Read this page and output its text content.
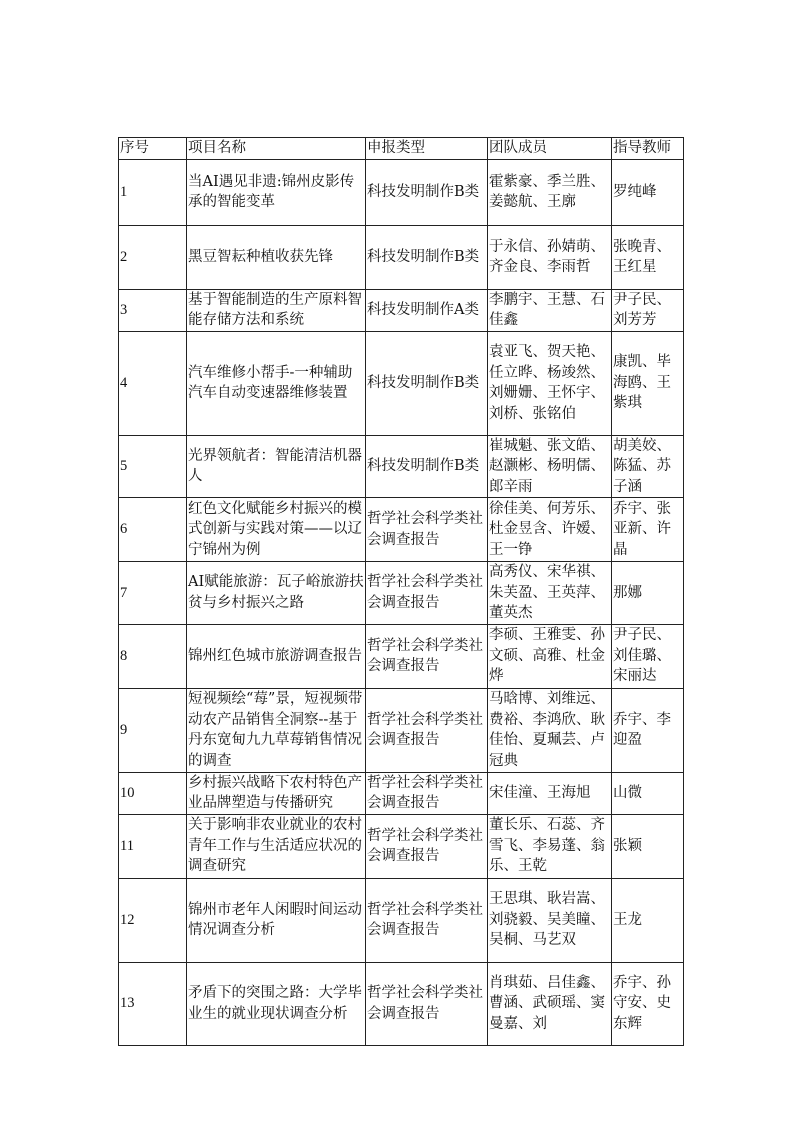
序号	项目名称	申报类型	团队成员	指导教师
1	当AI遇见非遗:锦州皮影传承的智能变革	科技发明制作B类	霍紫豪、季兰胜、姜懿航、王廓	罗纯峰
2	黑豆智耘种植收获先锋	科技发明制作B类	于永信、孙婧萌、齐金良、李雨哲	张晚青、王红星
3	基于智能制造的生产原料智能存储方法和系统	科技发明制作A类	李鹏宇、王慧、石佳鑫	尹子民、刘芳芳
4	汽车维修小帮手-一种辅助汽车自动变速器维修装置	科技发明制作B类	袁亚飞、贺天艳、任立晔、杨竣然、刘姗姗、王怀宇、刘桥、张铭伯	康凯、毕海鸥、王紫琪
5	光界领航者：智能清洁机器人	科技发明制作B类	崔城魁、张文皓、赵灏彬、杨明儒、郎辛雨	胡美姣、陈猛、苏子涵
6	红色文化赋能乡村振兴的模式创新与实践对策——以辽宁锦州为例	哲学社会科学类社会调查报告	徐佳美、何芳乐、杜金昱含、许嫒、王一铮	乔宇、张亚新、许晶
7	AI赋能旅游：瓦子峪旅游扶贫与乡村振兴之路	哲学社会科学类社会调查报告	高秀仪、宋华祺、朱芙盈、王英萍、董英杰	那娜
8	锦州红色城市旅游调查报告	哲学社会科学类社会调查报告	李硕、王雅雯、孙文硕、高雅、杜金烨	尹子民、刘佳璐、宋丽达
9	短视频绘“莓”景，短视频带动农产品销售全洞察--基于丹东宽甸九九草莓销售情况的调查	哲学社会科学类社会调查报告	马晗博、刘维远、费裕、李鸿欣、耿佳怡、夏珮芸、卢冠典	乔宇、李迎盈
10	乡村振兴战略下农村特色产业品牌塑造与传播研究	哲学社会科学类社会调查报告	宋佳潼、王海旭	山微
11	关于影响非农业就业的农村青年工作与生活适应状况的调查研究	哲学社会科学类社会调查报告	董长乐、石蕊、齐雪飞、李易蓬、翁乐、王乾	张颖
12	锦州市老年人闲暇时间运动情况调查分析	哲学社会科学类社会调查报告	王思琪、耿岩嵩、刘骁毅、吴美瞳、吴桐、马艺双	王龙
13	矛盾下的突围之路：大学毕业生的就业现状调查分析	哲学社会科学类社会调查报告	肖琪茹、吕佳鑫、曹涵、武硕瑶、窦曼嘉、刘	乔宇、孙守安、史东辉
